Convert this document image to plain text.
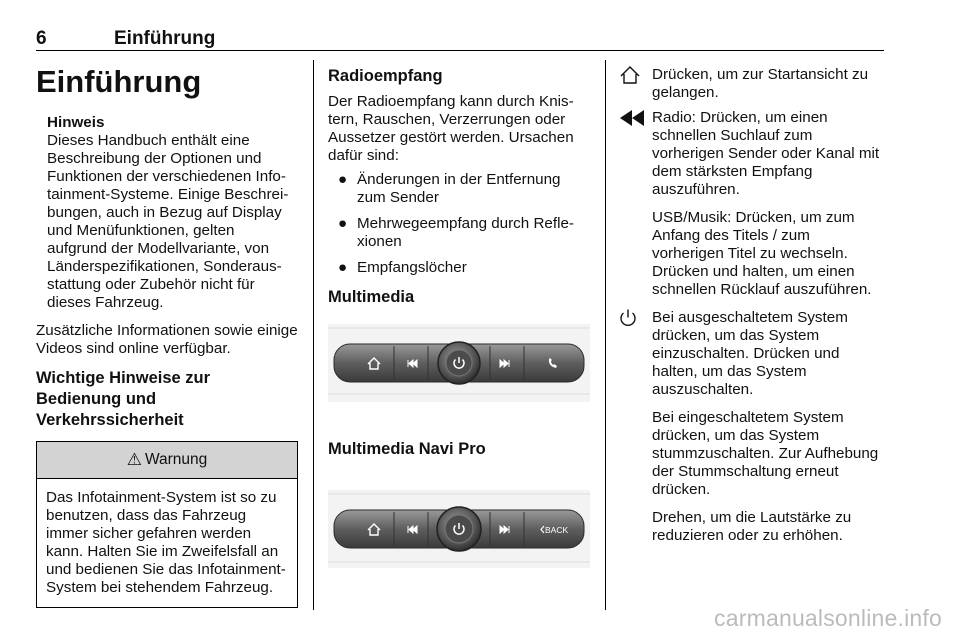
6	Einführung
Einführung

Hinweis

Dieses Handbuch enthält eine Beschreibung der Optionen und Funktionen der verschiedenen Infotainment-Systeme. Einige Beschreibungen, auch in Bezug auf Display und Menüfunktionen, gelten aufgrund der Modellvariante, von Länderspezifikationen, Sonderausstattung oder Zubehör nicht für dieses Fahrzeug.

Zusätzliche Informationen sowie einige Videos sind online verfügbar.

Wichtige Hinweise zur Bedienung und Verkehrssicherheit

⚠ Warnung
Das Infotainment-System ist so zu benutzen, dass das Fahrzeug immer sicher gefahren werden kann. Halten Sie im Zweifelsfall an und bedienen Sie das Infotainment-System bei stehendem Fahrzeug.

Radioempfang

Der Radioempfang kann durch Knistern, Rauschen, Verzerrungen oder Aussetzer gestört werden. Ursachen dafür sind:

● Änderungen in der Entfernung zum Sender
● Mehrwegeempfang durch Reflexionen
● Empfangslöcher

Multimedia

Multimedia Navi Pro

BACK

Drücken, um zur Startansicht zu gelangen.

Radio: Drücken, um einen schnellen Suchlauf zum vorherigen Sender oder Kanal mit dem stärksten Empfang auszuführen.

USB/Musik: Drücken, um zum Anfang des Titels / zum vorherigen Titel zu wechseln. Drücken und halten, um einen schnellen Rücklauf auszuführen.

Bei ausgeschaltetem System drücken, um das System einzuschalten. Drücken und halten, um das System auszuschalten.

Bei eingeschaltetem System drücken, um das System stummzuschalten. Zur Aufhebung der Stummschaltung erneut drücken.

Drehen, um die Lautstärke zu reduzieren oder zu erhöhen.

carmanualsonline.info
